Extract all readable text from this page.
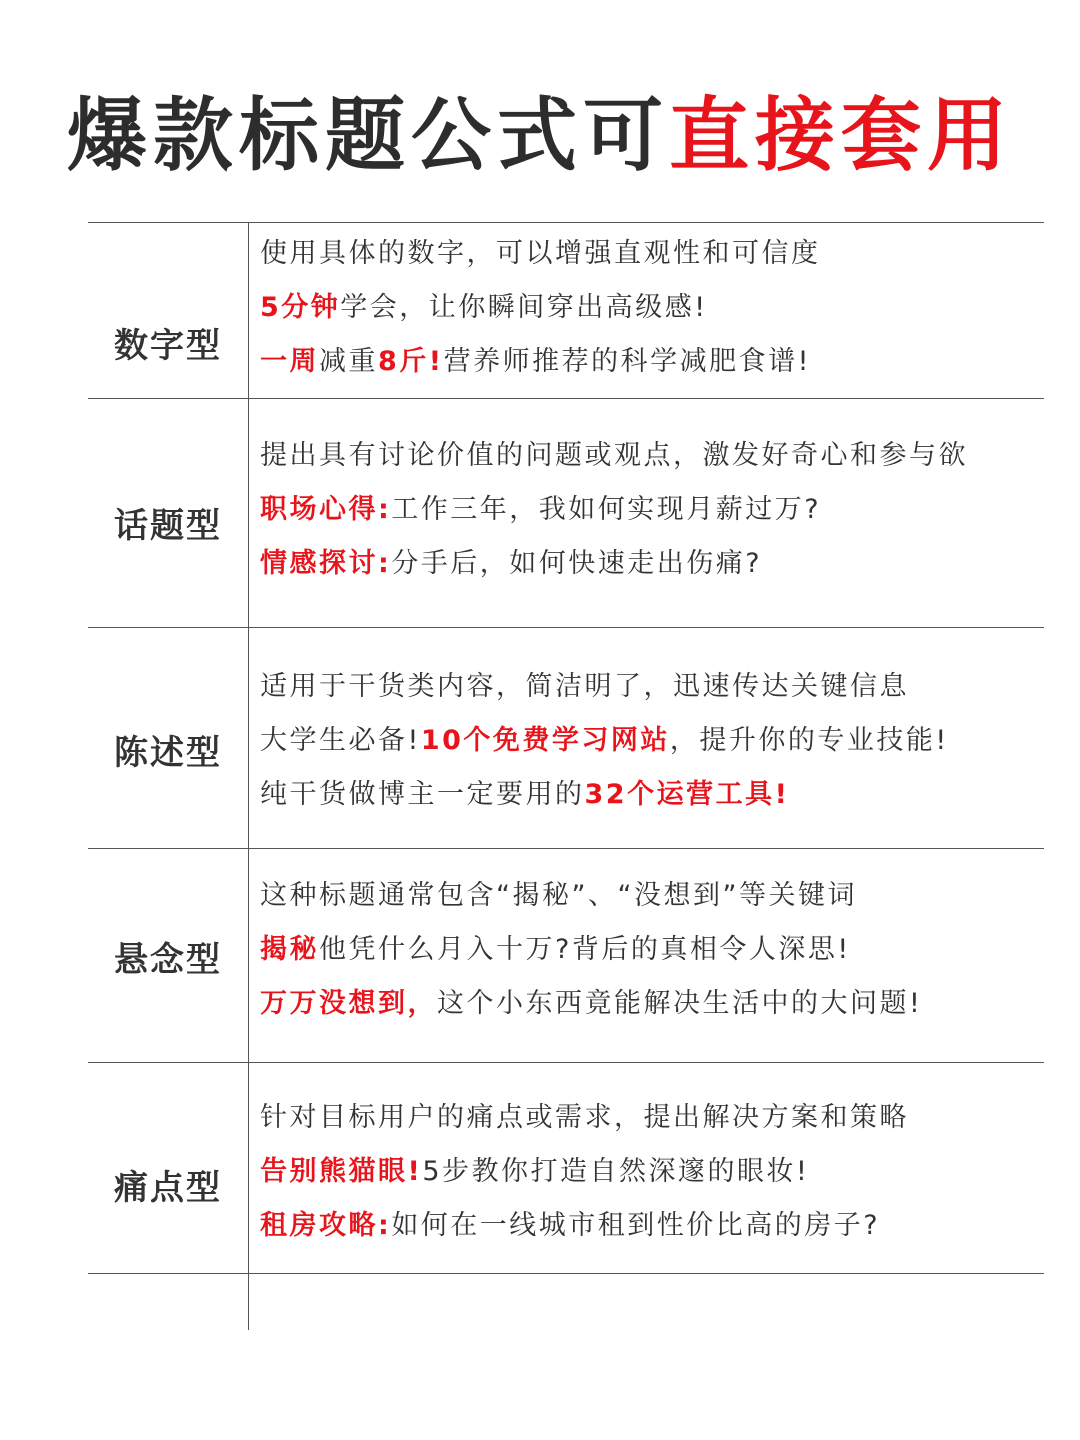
爆款标题公式可直接套用
数字型
使用具体的数字，可以增强直观性和可信度
5分钟学会，让你瞬间穿出高级感!
一周减重8斤!营养师推荐的科学减肥食谱!
话题型
提出具有讨论价值的问题或观点，激发好奇心和参与欲
职场心得:工作三年，我如何实现月薪过万?
情感探讨:分手后，如何快速走出伤痛?
陈述型
适用于干货类内容，简洁明了，迅速传达关键信息
大学生必备!10个免费学习网站，提升你的专业技能!
纯干货做博主一定要用的32个运营工具!
悬念型
这种标题通常包含“揭秘”、“没想到”等关键词
揭秘他凭什么月入十万?背后的真相令人深思!
万万没想到，这个小东西竟能解决生活中的大问题!
痛点型
针对目标用户的痛点或需求，提出解决方案和策略
告别熊猫眼!5步教你打造自然深邃的眼妆!
租房攻略:如何在一线城市租到性价比高的房子?
